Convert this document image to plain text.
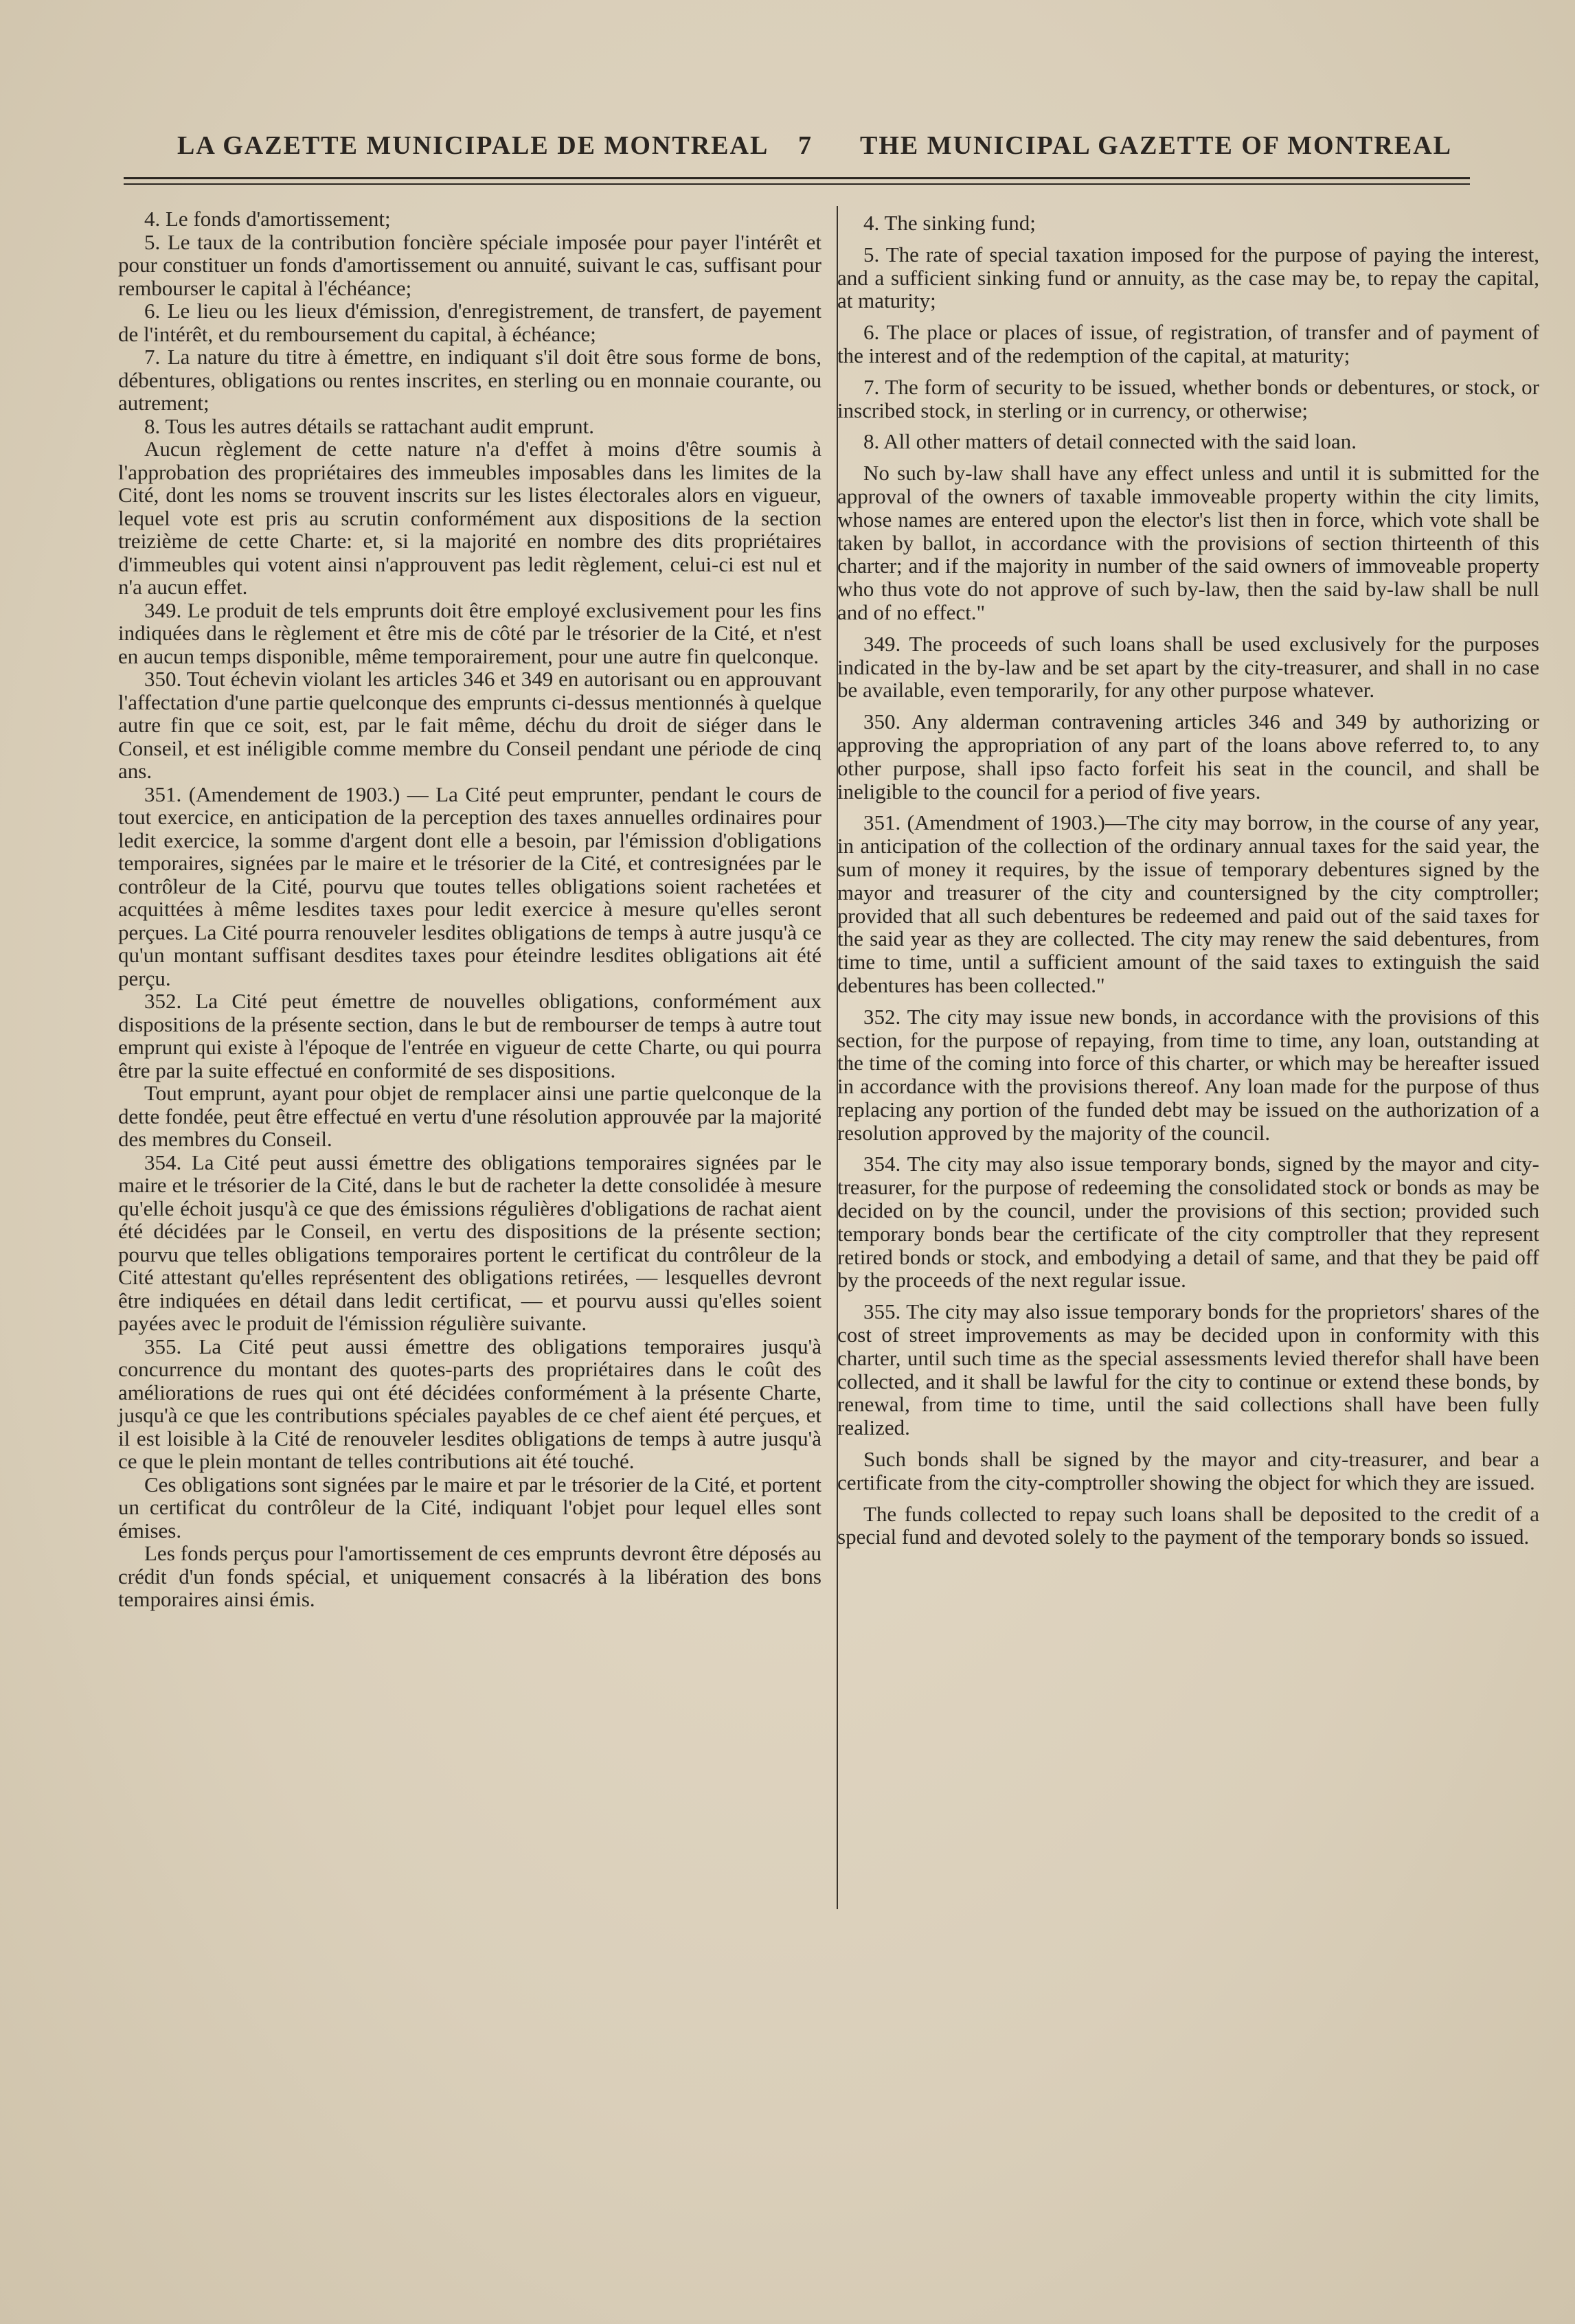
LA GAZETTE MUNICIPALE DE MONTREAL 7 THE MUNICIPAL GAZETTE OF MONTREAL

4. Le fonds d'amortissement;

5. Le taux de la contribution foncière spéciale imposée pour payer l'intérêt et pour constituer un fonds d'amortissement ou annuité, suivant le cas, suffisant pour rembourser le capital à l'échéance;

6. Le lieu ou les lieux d'émission, d'enregistrement, de transfert, de payement de l'intérêt, et du remboursement du capital, à échéance;

7. La nature du titre à émettre, en indiquant s'il doit être sous forme de bons, débentures, obligations ou rentes inscrites, en sterling ou en monnaie courante, ou autrement;

8. Tous les autres détails se rattachant audit emprunt.

Aucun règlement de cette nature n'a d'effet à moins d'être soumis à l'approbation des propriétaires des immeubles imposables dans les limites de la Cité, dont les noms se trouvent inscrits sur les listes électorales alors en vigueur, lequel vote est pris au scrutin conformément aux dispositions de la section treizième de cette Charte: et, si la majorité en nombre des dits propriétaires d'immeubles qui votent ainsi n'approuvent pas ledit règlement, celui-ci est nul et n'a aucun effet.

349. Le produit de tels emprunts doit être employé exclusivement pour les fins indiquées dans le règlement et être mis de côté par le trésorier de la Cité, et n'est en aucun temps disponible, même temporairement, pour une autre fin quelconque.

350. Tout échevin violant les articles 346 et 349 en autorisant ou en approuvant l'affectation d'une partie quelconque des emprunts ci-dessus mentionnés à quelque autre fin que ce soit, est, par le fait même, déchu du droit de siéger dans le Conseil, et est inéligible comme membre du Conseil pendant une période de cinq ans.

351. (Amendement de 1903.) — La Cité peut emprunter, pendant le cours de tout exercice, en anticipation de la perception des taxes annuelles ordinaires pour ledit exercice, la somme d'argent dont elle a besoin, par l'émission d'obligations temporaires, signées par le maire et le trésorier de la Cité, et contresignées par le contrôleur de la Cité, pourvu que toutes telles obligations soient rachetées et acquittées à même lesdites taxes pour ledit exercice à mesure qu'elles seront perçues. La Cité pourra renouveler lesdites obligations de temps à autre jusqu'à ce qu'un montant suffisant desdites taxes pour éteindre lesdites obligations ait été perçu.

352. La Cité peut émettre de nouvelles obligations, conformément aux dispositions de la présente section, dans le but de rembourser de temps à autre tout emprunt qui existe à l'époque de l'entrée en vigueur de cette Charte, ou qui pourra être par la suite effectué en conformité de ses dispositions.

Tout emprunt, ayant pour objet de remplacer ainsi une partie quelconque de la dette fondée, peut être effectué en vertu d'une résolution approuvée par la majorité des membres du Conseil.

354. La Cité peut aussi émettre des obligations temporaires signées par le maire et le trésorier de la Cité, dans le but de racheter la dette consolidée à mesure qu'elle échoit jusqu'à ce que des émissions régulières d'obligations de rachat aient été décidées par le Conseil, en vertu des dispositions de la présente section; pourvu que telles obligations temporaires portent le certificat du contrôleur de la Cité attestant qu'elles représentent des obligations retirées, — lesquelles devront être indiquées en détail dans ledit certificat, — et pourvu aussi qu'elles soient payées avec le produit de l'émission régulière suivante.

355. La Cité peut aussi émettre des obligations temporaires jusqu'à concurrence du montant des quotes-parts des propriétaires dans le coût des améliorations de rues qui ont été décidées conformément à la présente Charte, jusqu'à ce que les contributions spéciales payables de ce chef aient été perçues, et il est loisible à la Cité de renouveler lesdites obligations de temps à autre jusqu'à ce que le plein montant de telles contributions ait été touché.

Ces obligations sont signées par le maire et par le trésorier de la Cité, et portent un certificat du contrôleur de la Cité, indiquant l'objet pour lequel elles sont émises.

Les fonds perçus pour l'amortissement de ces emprunts devront être déposés au crédit d'un fonds spécial, et uniquement consacrés à la libération des bons temporaires ainsi émis.

4. The sinking fund;

5. The rate of special taxation imposed for the purpose of paying the interest, and a sufficient sinking fund or annuity, as the case may be, to repay the capital, at maturity;

6. The place or places of issue, of registration, of transfer and of payment of the interest and of the redemption of the capital, at maturity;

7. The form of security to be issued, whether bonds or debentures, or stock, or inscribed stock, in sterling or in currency, or otherwise;

8. All other matters of detail connected with the said loan.

No such by-law shall have any effect unless and until it is submitted for the approval of the owners of taxable immoveable property within the city limits, whose names are entered upon the elector's list then in force, which vote shall be taken by ballot, in accordance with the provisions of section thirteenth of this charter; and if the majority in number of the said owners of immoveable property who thus vote do not approve of such by-law, then the said by-law shall be null and of no effect."

349. The proceeds of such loans shall be used exclusively for the purposes indicated in the by-law and be set apart by the city-treasurer, and shall in no case be available, even temporarily, for any other purpose whatever.

350. Any alderman contravening articles 346 and 349 by authorizing or approving the appropriation of any part of the loans above referred to, to any other purpose, shall ipso facto forfeit his seat in the council, and shall be ineligible to the council for a period of five years.

351. (Amendment of 1903.)—The city may borrow, in the course of any year, in anticipation of the collection of the ordinary annual taxes for the said year, the sum of money it requires, by the issue of temporary debentures signed by the mayor and treasurer of the city and countersigned by the city comptroller; provided that all such debentures be redeemed and paid out of the said taxes for the said year as they are collected. The city may renew the said debentures, from time to time, until a sufficient amount of the said taxes to extinguish the said debentures has been collected."

352. The city may issue new bonds, in accordance with the provisions of this section, for the purpose of repaying, from time to time, any loan, outstanding at the time of the coming into force of this charter, or which may be hereafter issued in accordance with the provisions thereof. Any loan made for the purpose of thus replacing any portion of the funded debt may be issued on the authorization of a resolution approved by the majority of the council.

354. The city may also issue temporary bonds, signed by the mayor and city-treasurer, for the purpose of redeeming the consolidated stock or bonds as may be decided on by the council, under the provisions of this section; provided such temporary bonds bear the certificate of the city comptroller that they represent retired bonds or stock, and embodying a detail of same, and that they be paid off by the proceeds of the next regular issue.

355. The city may also issue temporary bonds for the proprietors' shares of the cost of street improvements as may be decided upon in conformity with this charter, until such time as the special assessments levied therefor shall have been collected, and it shall be lawful for the city to continue or extend these bonds, by renewal, from time to time, until the said collections shall have been fully realized.

Such bonds shall be signed by the mayor and city-treasurer, and bear a certificate from the city-comptroller showing the object for which they are issued.

The funds collected to repay such loans shall be deposited to the credit of a special fund and devoted solely to the payment of the temporary bonds so issued.
